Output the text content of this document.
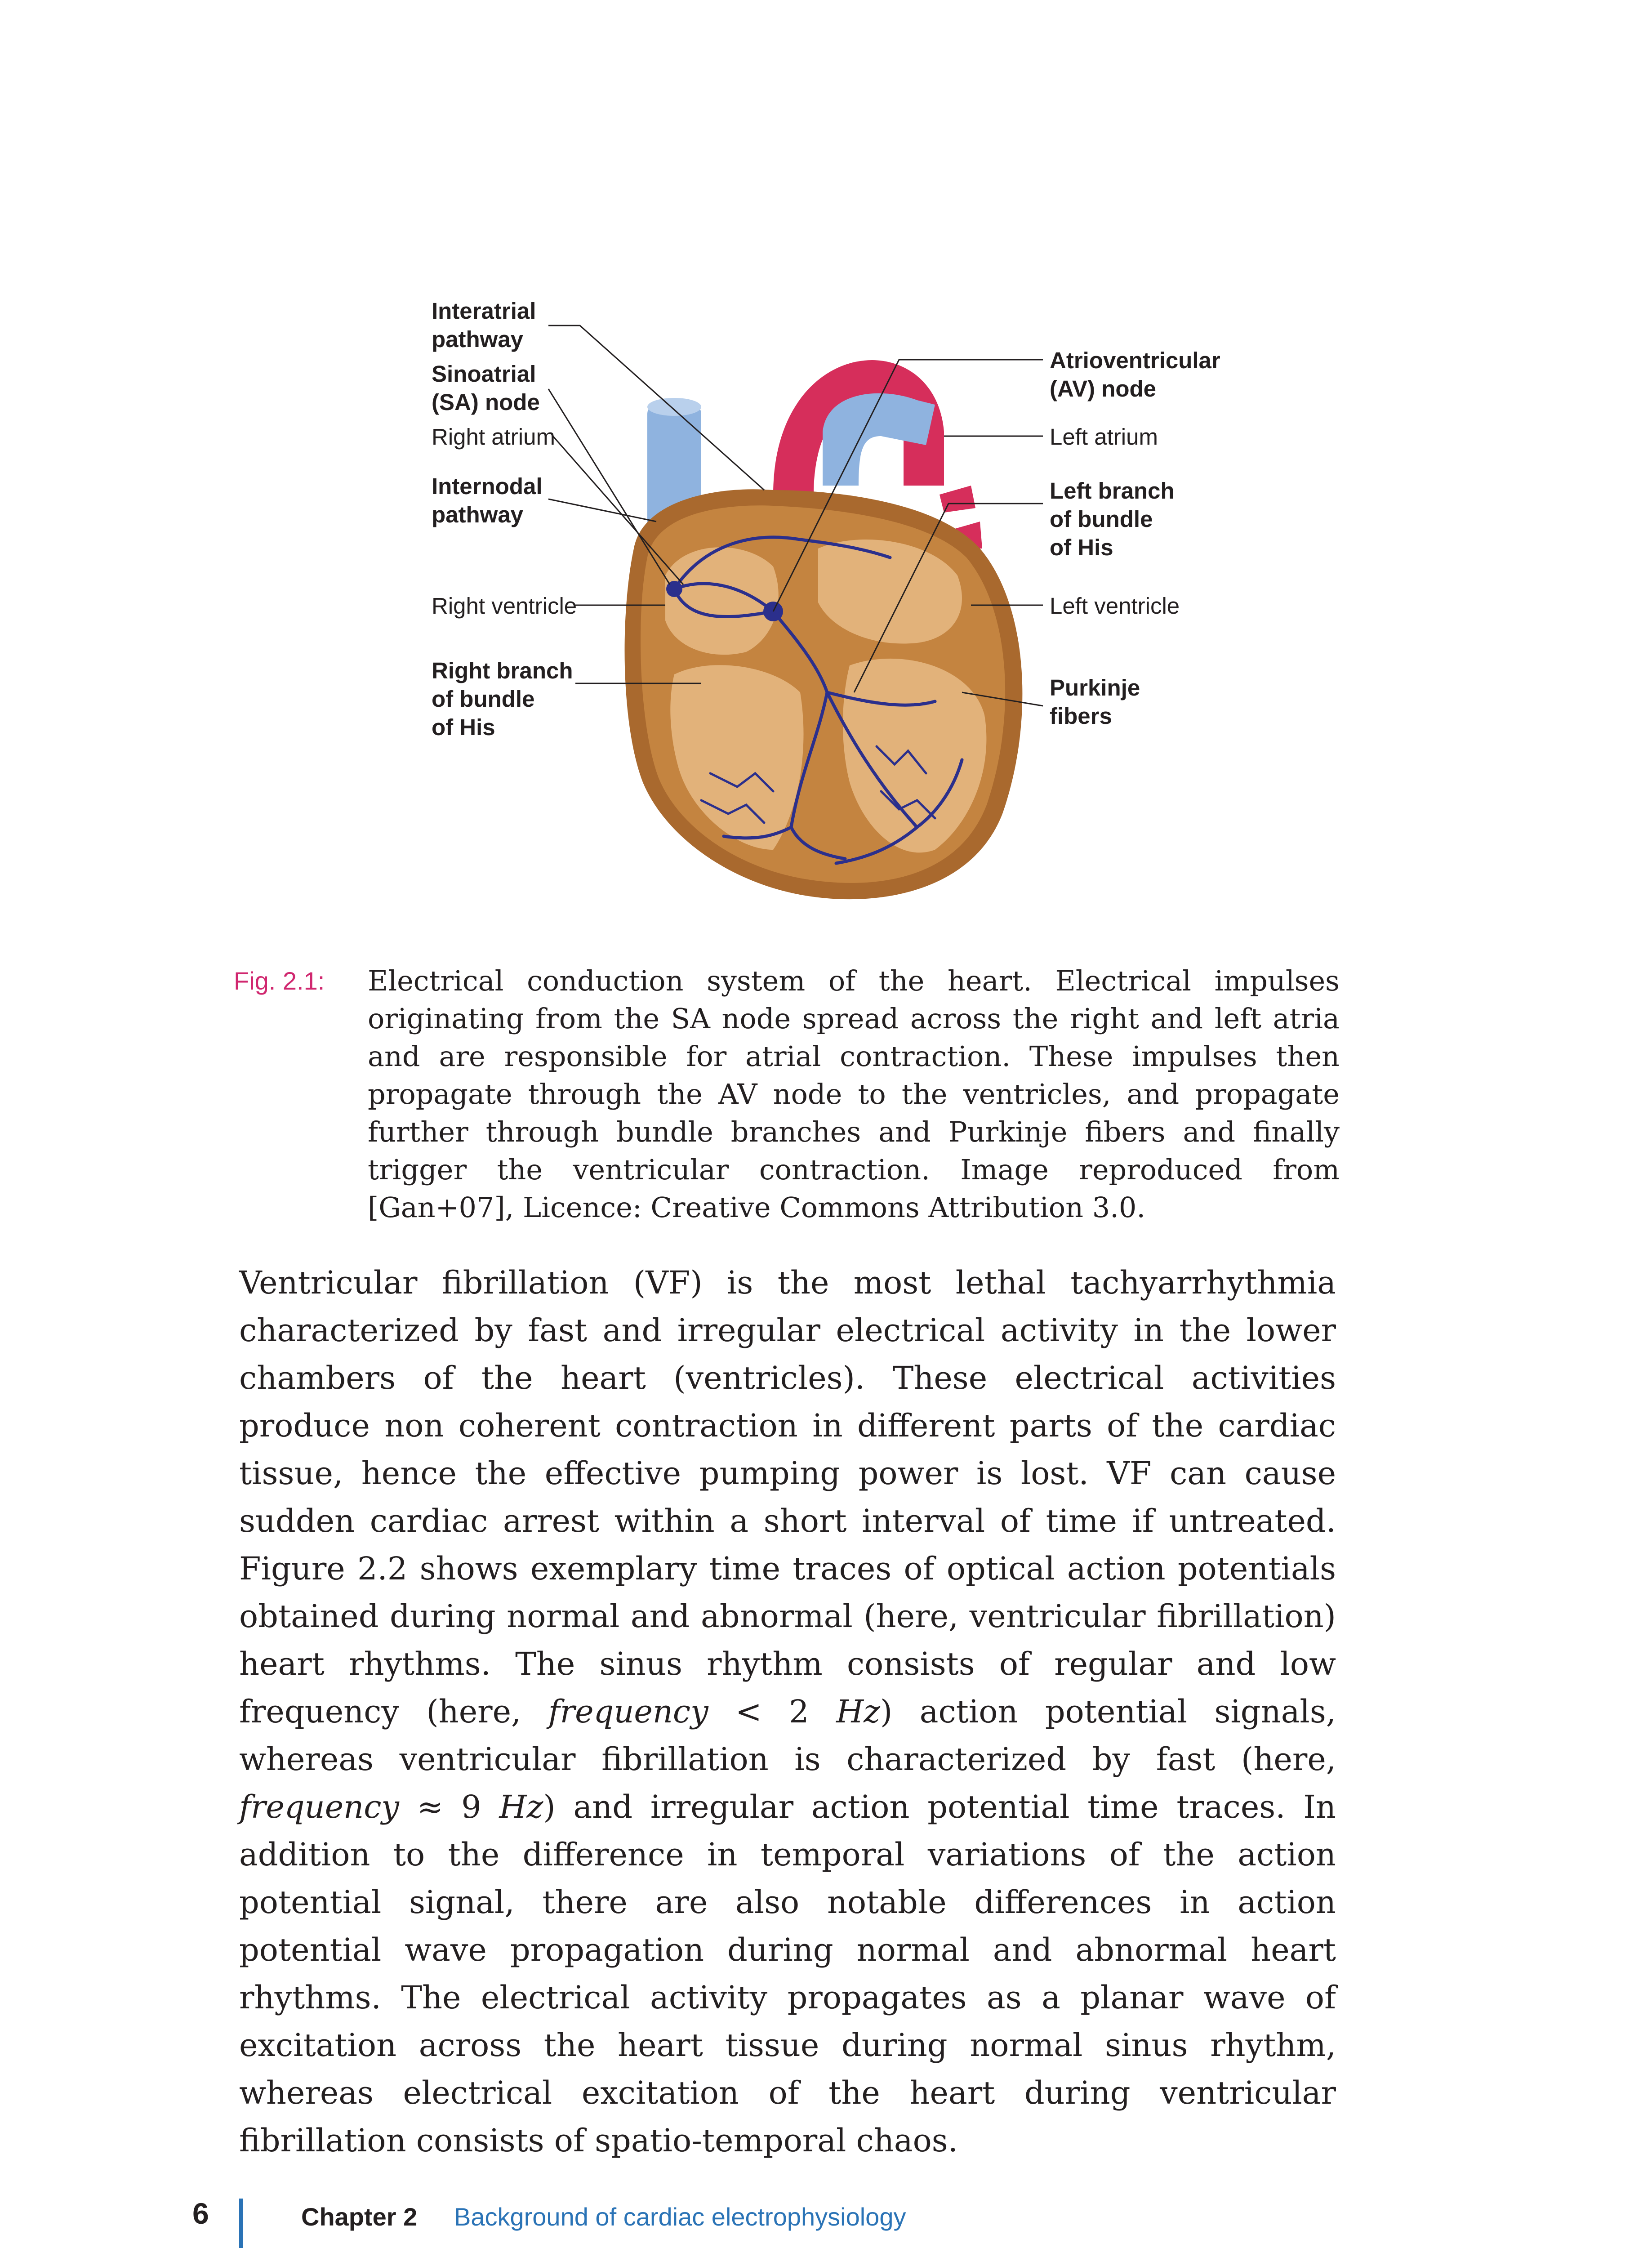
Interatrial
pathway
Sinoatrial
(SA) node
Right atrium
Internodal
pathway
Right ventricle
Right branch
of bundle
of His
Atrioventricular
(AV) node
Left atrium
Left branch
of bundle
of His
Left ventricle
Purkinje
fibers
Fig. 2.1: Electrical conduction system of the heart. Electrical impulses originating from the SA node spread across the right and left atria and are responsible for atrial contraction. These impulses then propagate through the AV node to the ventricles, and propagate further through bundle branches and Purkinje fibers and finally trigger the ventricular contraction. Image reproduced from [Gan+07], Licence: Creative Commons Attribution 3.0.
Ventricular fibrillation (VF) is the most lethal tachyarrhythmia characterized by fast and irregular electrical activity in the lower chambers of the heart (ventricles). These electrical activities produce non coherent contraction in different parts of the cardiac tissue, hence the effective pumping power is lost. VF can cause sudden cardiac arrest within a short interval of time if untreated. Figure 2.2 shows exemplary time traces of optical action potentials obtained during normal and abnormal (here, ventricular fibrillation) heart rhythms. The sinus rhythm consists of regular and low frequency (here, frequency < 2 Hz) action potential signals, whereas ventricular fibrillation is characterized by fast (here, frequency ≈ 9 Hz) and irregular action potential time traces. In addition to the difference in temporal variations of the action potential signal, there are also notable differences in action potential wave propagation during normal and abnormal heart rhythms. The electrical activity propagates as a planar wave of excitation across the heart tissue during normal sinus rhythm, whereas electrical excitation of the heart during ventricular fibrillation consists of spatio-temporal chaos.
6	Chapter 2 Background of cardiac electrophysiology
